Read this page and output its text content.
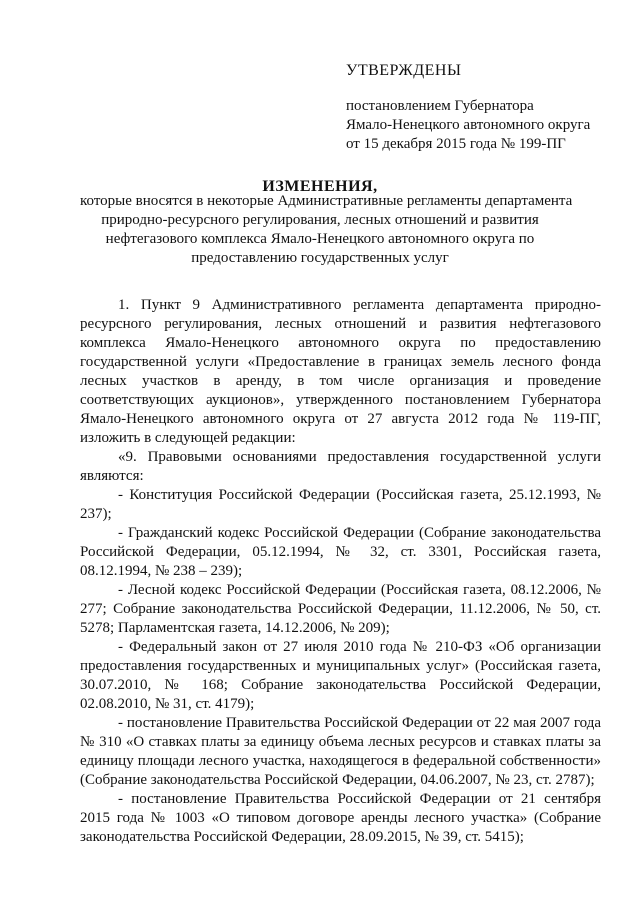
УТВЕРЖДЕНЫ
постановлением Губернатора
Ямало-Ненецкого автономного округа
от 15 декабря 2015 года № 199-ПГ
ИЗМЕНЕНИЯ,
которые вносятся в некоторые Административные регламенты департамента
природно-ресурсного регулирования, лесных отношений и развития
нефтегазового комплекса Ямало-Ненецкого автономного округа по
предоставлению государственных услуг

1. Пункт 9 Административного регламента департамента природно-ресурсного регулирования, лесных отношений и развития нефтегазового комплекса Ямало-Ненецкого автономного округа по предоставлению государственной услуги «Предоставление в границах земель лесного фонда лесных участков в аренду, в том числе организация и проведение соответствующих аукционов», утвержденного постановлением Губернатора Ямало-Ненецкого автономного округа от 27 августа 2012 года № 119-ПГ, изложить в следующей редакции:

«9. Правовыми основаниями предоставления государственной услуги являются:

- Конституция Российской Федерации (Российская газета, 25.12.1993, № 237);

- Гражданский кодекс Российской Федерации (Собрание законодательства Российской Федерации, 05.12.1994, № 32, ст. 3301, Российская газета, 08.12.1994, № 238 – 239);

- Лесной кодекс Российской Федерации (Российская газета, 08.12.2006, № 277; Собрание законодательства Российской Федерации, 11.12.2006, № 50, ст. 5278; Парламентская газета, 14.12.2006, № 209);

- Федеральный закон от 27 июля 2010 года № 210-ФЗ «Об организации предоставления государственных и муниципальных услуг» (Российская газета, 30.07.2010, № 168; Собрание законодательства Российской Федерации, 02.08.2010, № 31, ст. 4179);

- постановление Правительства Российской Федерации от 22 мая 2007 года № 310 «О ставках платы за единицу объема лесных ресурсов и ставках платы за единицу площади лесного участка, находящегося в федеральной собственности» (Собрание законодательства Российской Федерации, 04.06.2007, № 23, ст. 2787);

- постановление Правительства Российской Федерации от 21 сентября 2015 года № 1003 «О типовом договоре аренды лесного участка» (Собрание законодательства Российской Федерации, 28.09.2015, № 39, ст. 5415);
